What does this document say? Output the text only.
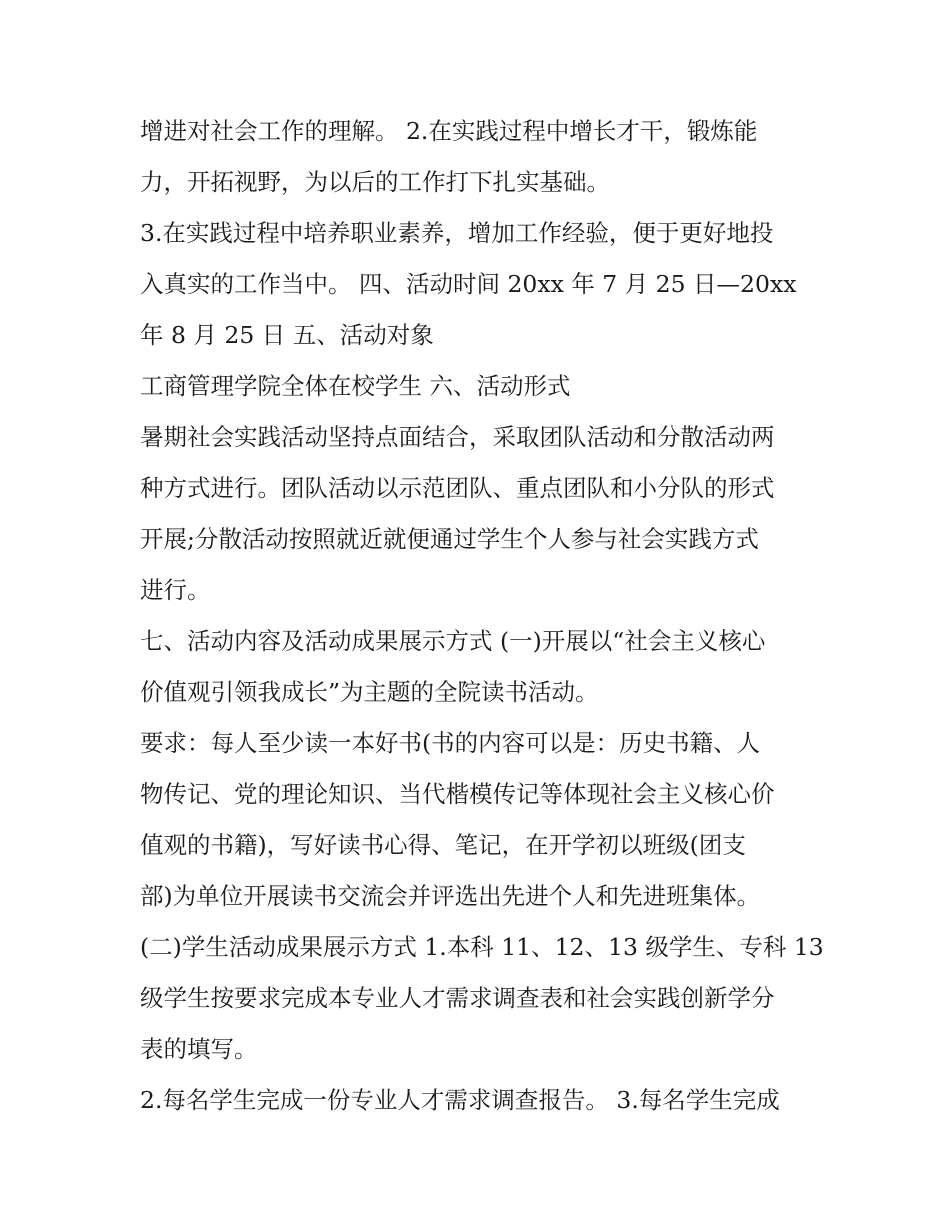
增进对社会工作的理解。 2.在实践过程中增长才干，锻炼能
力，开拓视野，为以后的工作打下扎实基础。
3.在实践过程中培养职业素养，增加工作经验，便于更好地投
入真实的工作当中。 四、活动时间 20xx 年 7 月 25 日—20xx
年 8 月 25 日 五、活动对象
工商管理学院全体在校学生 六、活动形式
暑期社会实践活动坚持点面结合，采取团队活动和分散活动两
种方式进行。团队活动以示范团队、重点团队和小分队的形式
开展;分散活动按照就近就便通过学生个人参与社会实践方式
进行。
七、活动内容及活动成果展示方式 (一)开展以“社会主义核心
价值观引领我成长”为主题的全院读书活动。
要求：每人至少读一本好书(书的内容可以是：历史书籍、人
物传记、党的理论知识、当代楷模传记等体现社会主义核心价
值观的书籍)，写好读书心得、笔记，在开学初以班级(团支
部)为单位开展读书交流会并评选出先进个人和先进班集体。
(二)学生活动成果展示方式 1.本科 11、12、13 级学生、专科 13
级学生按要求完成本专业人才需求调查表和社会实践创新学分
表的填写。
2.每名学生完成一份专业人才需求调查报告。 3.每名学生完成
